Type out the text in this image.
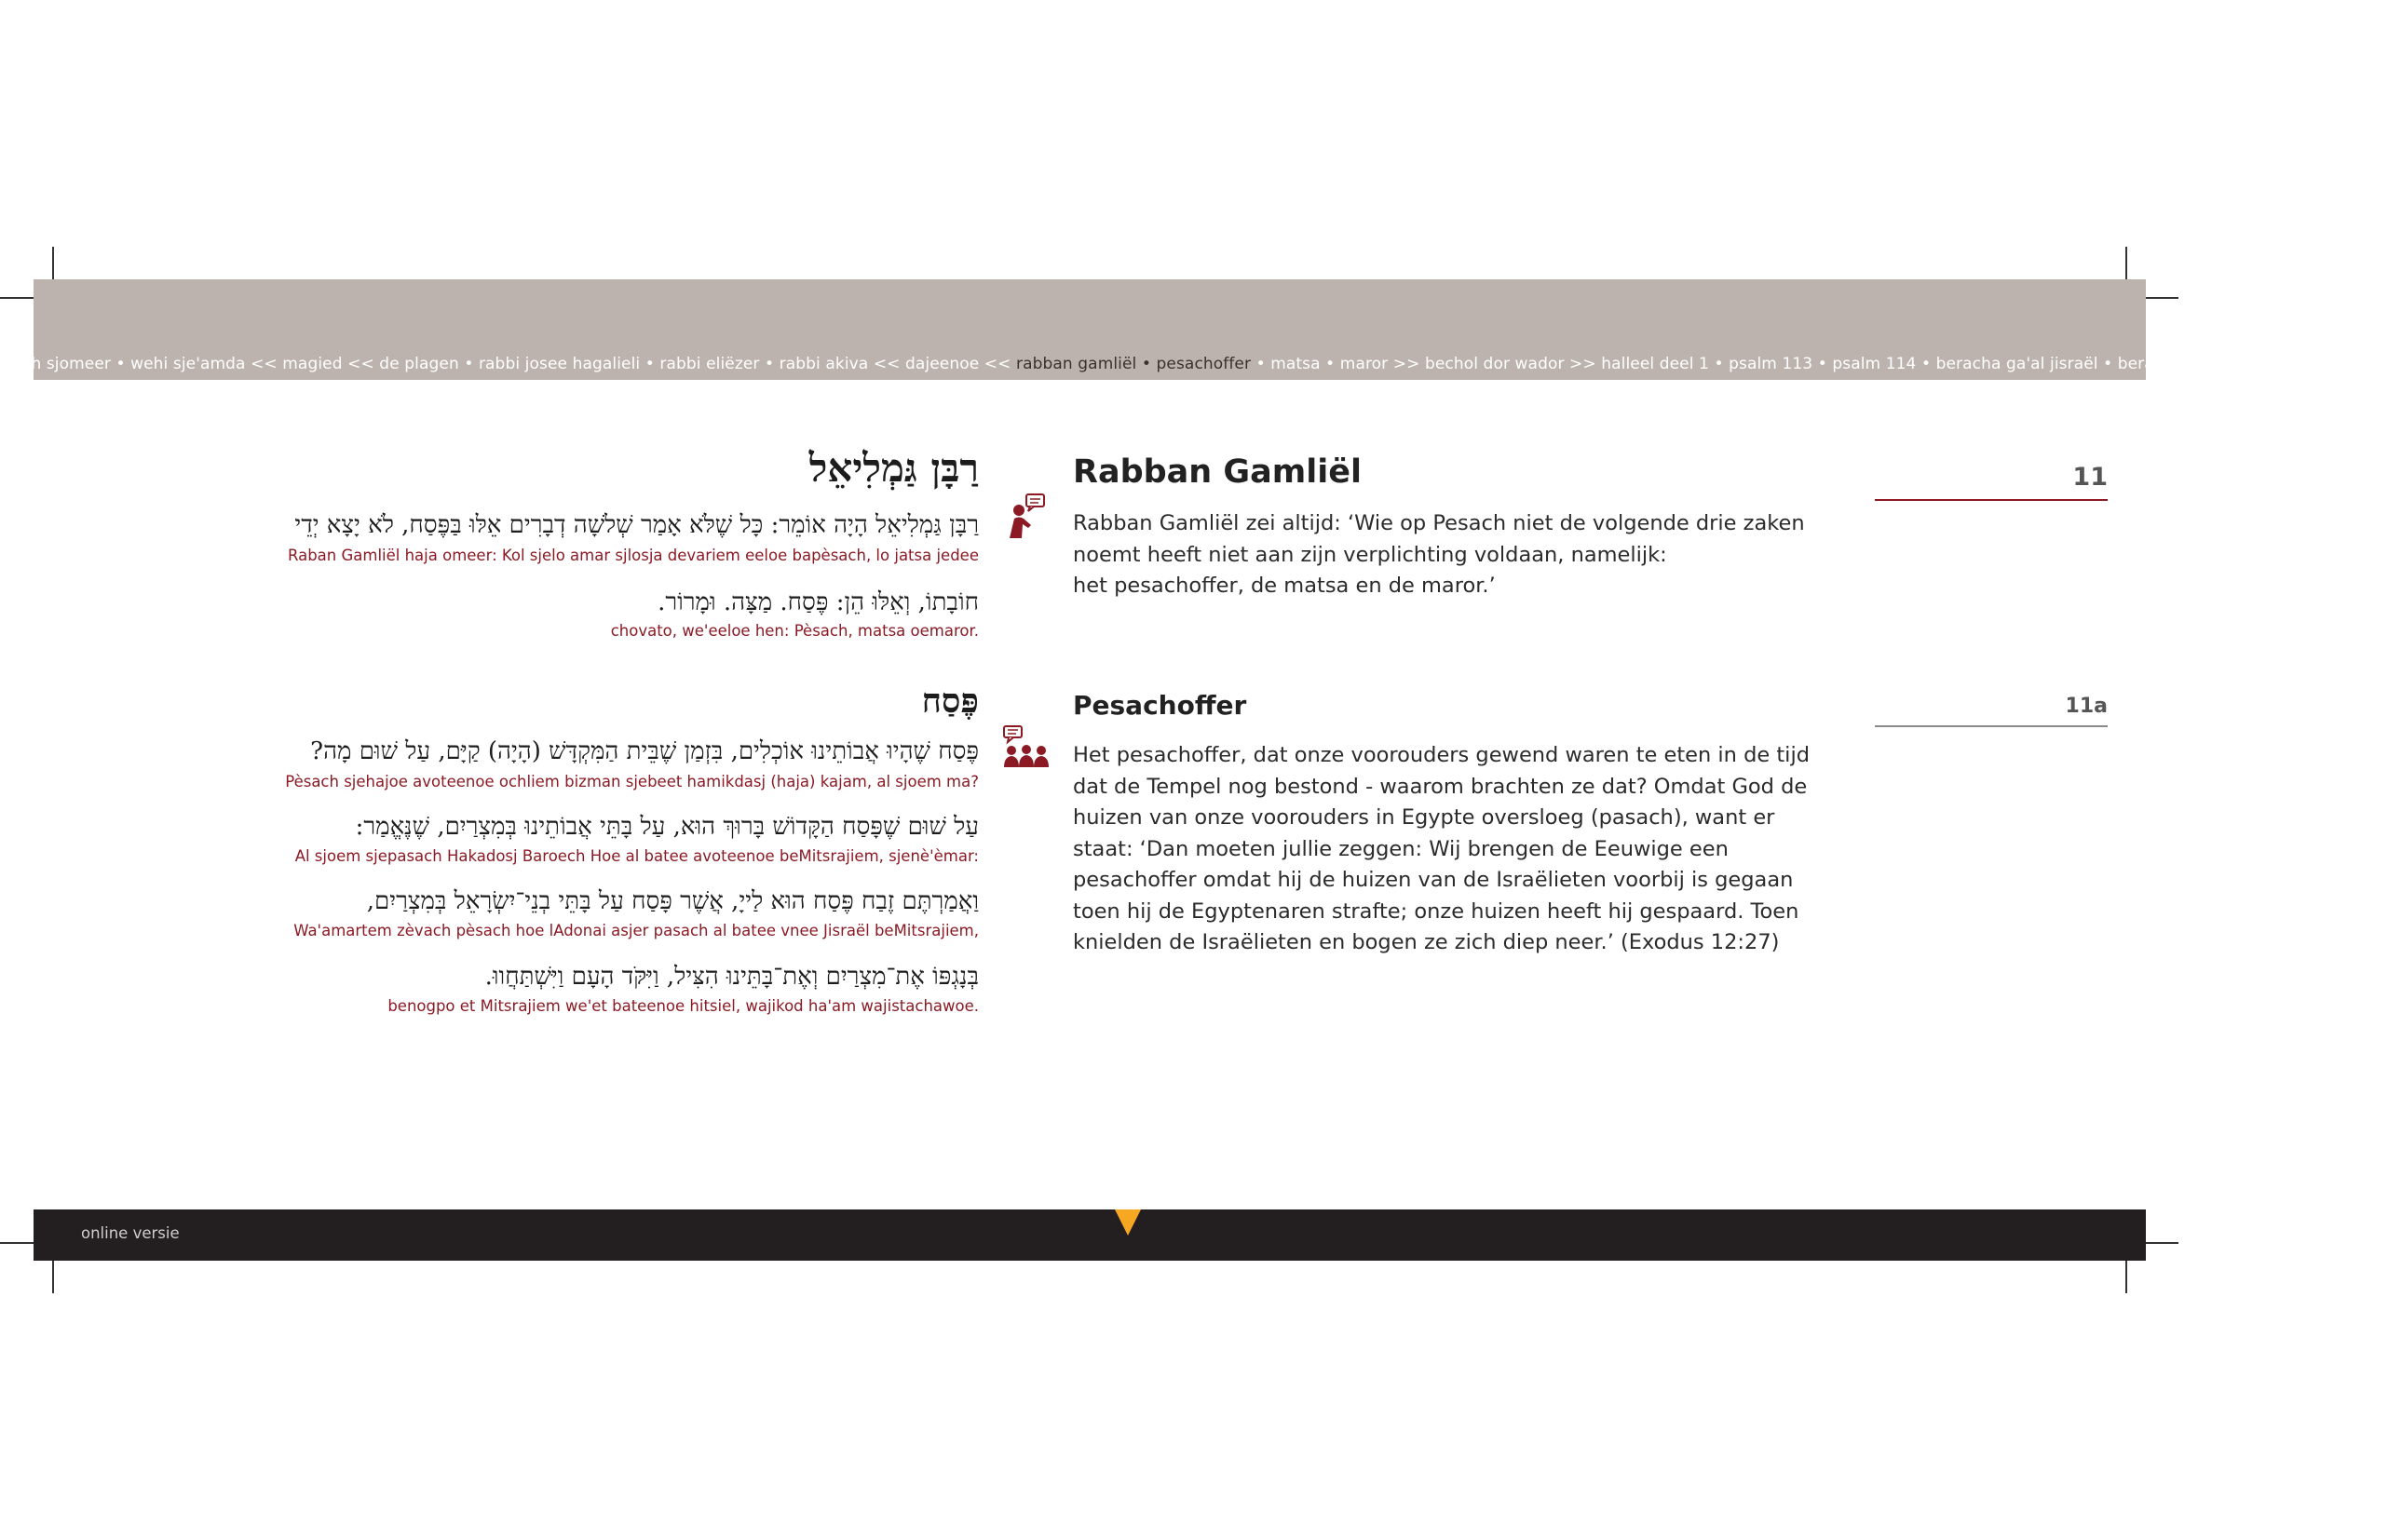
ch sjomeer • wehi sje'amda << magied << de plagen • rabbi josee hagalieli • rabbi eliëzer • rabbi akiva << dajeenoe << rabban gamliël • pesachoffer • matsa • maror >> bechol dor wador >> halleel deel 1 • psalm 113 • psalm 114 • beracha ga'al jisraël • beracha over de wijn >> beracha
רַבָּן גַּמְלִיאֵל
רַבָּן גַּמְלִיאֵל הָיָה אוֹמֵר: כָּל שֶׁלֹּא אָמַר שְׁלֹשָׁה דְבָרִים אֵלּוּ בַּפֶּסַח, לֹא יָצָא יְדֵי
Raban Gamliël haja omeer: Kol sjelo amar sjlosja devariem eeloe bapèsach, lo jatsa jedee
חוֹבָתוֹ, וְאֵלּוּ הֵן: פֶּסַח. מַצָּה. וּמָרוֹר.
chovato, we'eeloe hen: Pèsach, matsa oemaror.
Rabban Gamliël	11

Rabban Gamliël zei altijd: ‘Wie op Pesach niet de volgende drie zaken noemt heeft niet aan zijn verplichting voldaan, namelijk:

het pesachoffer, de matsa en de maror.’

פֶּסַח
פֶּסַח שֶׁהָיוּ אֲבוֹתֵינוּ אוֹכְלִים, בִּזְמַן שֶׁבֵּית הַמִּקְדָּשׁ (הָיָה) קַיָּם, עַל שׁוּם מָה?
Pèsach sjehajoe avoteenoe ochliem bizman sjebeet hamikdasj (haja) kajam, al sjoem ma?
עַל שׁוּם שֶׁפָּסַח הַקָּדוֹשׁ בָּרוּךְ הוּא, עַל בָּתֵּי אֲבוֹתֵינוּ בְּמִצְרַיִם, שֶׁנֶּאֱמַר:
Al sjoem sjepasach Hakadosj Baroech Hoe al batee avoteenoe beMitsrajiem, sjenè'èmar:
וַאֲמַרְתֶּם זֶבַח פֶּסַח הוּא לַייָ, אֲשֶׁר פָּסַח עַל בָּתֵּי בְנֵי־יִשְׂרָאֵל בְּמִצְרַיִם,
Wa'amartem zèvach pèsach hoe lAdonai asjer pasach al batee vnee Jisraël beMitsrajiem,
בְּנָגְפּוֹ אֶת־מִצְרַיִם וְאֶת־בָּתֵּינוּ הִצִּיל, וַיִּקֹּד הָעָם וַיִּשְׁתַּחֲווּ.
benogpo et Mitsrajiem we'et bateenoe hitsiel, wajikod ha'am wajistachawoe.
Pesachoffer	11a

Het pesachoffer, dat onze voorouders gewend waren te eten in de tijd dat de Tempel nog bestond - waarom brachten ze dat? Omdat God de huizen van onze voorouders in Egypte oversloeg (pasach), want er staat: ‘Dan moeten jullie zeggen: Wij brengen de Eeuwige een pesachoffer omdat hij de huizen van de Israëlieten voorbij is gegaan toen hij de Egyptenaren strafte; onze huizen heeft hij gespaard. Toen knielden de Israëlieten en bogen ze zich diep neer.’ (Exodus 12:27)

online versie
